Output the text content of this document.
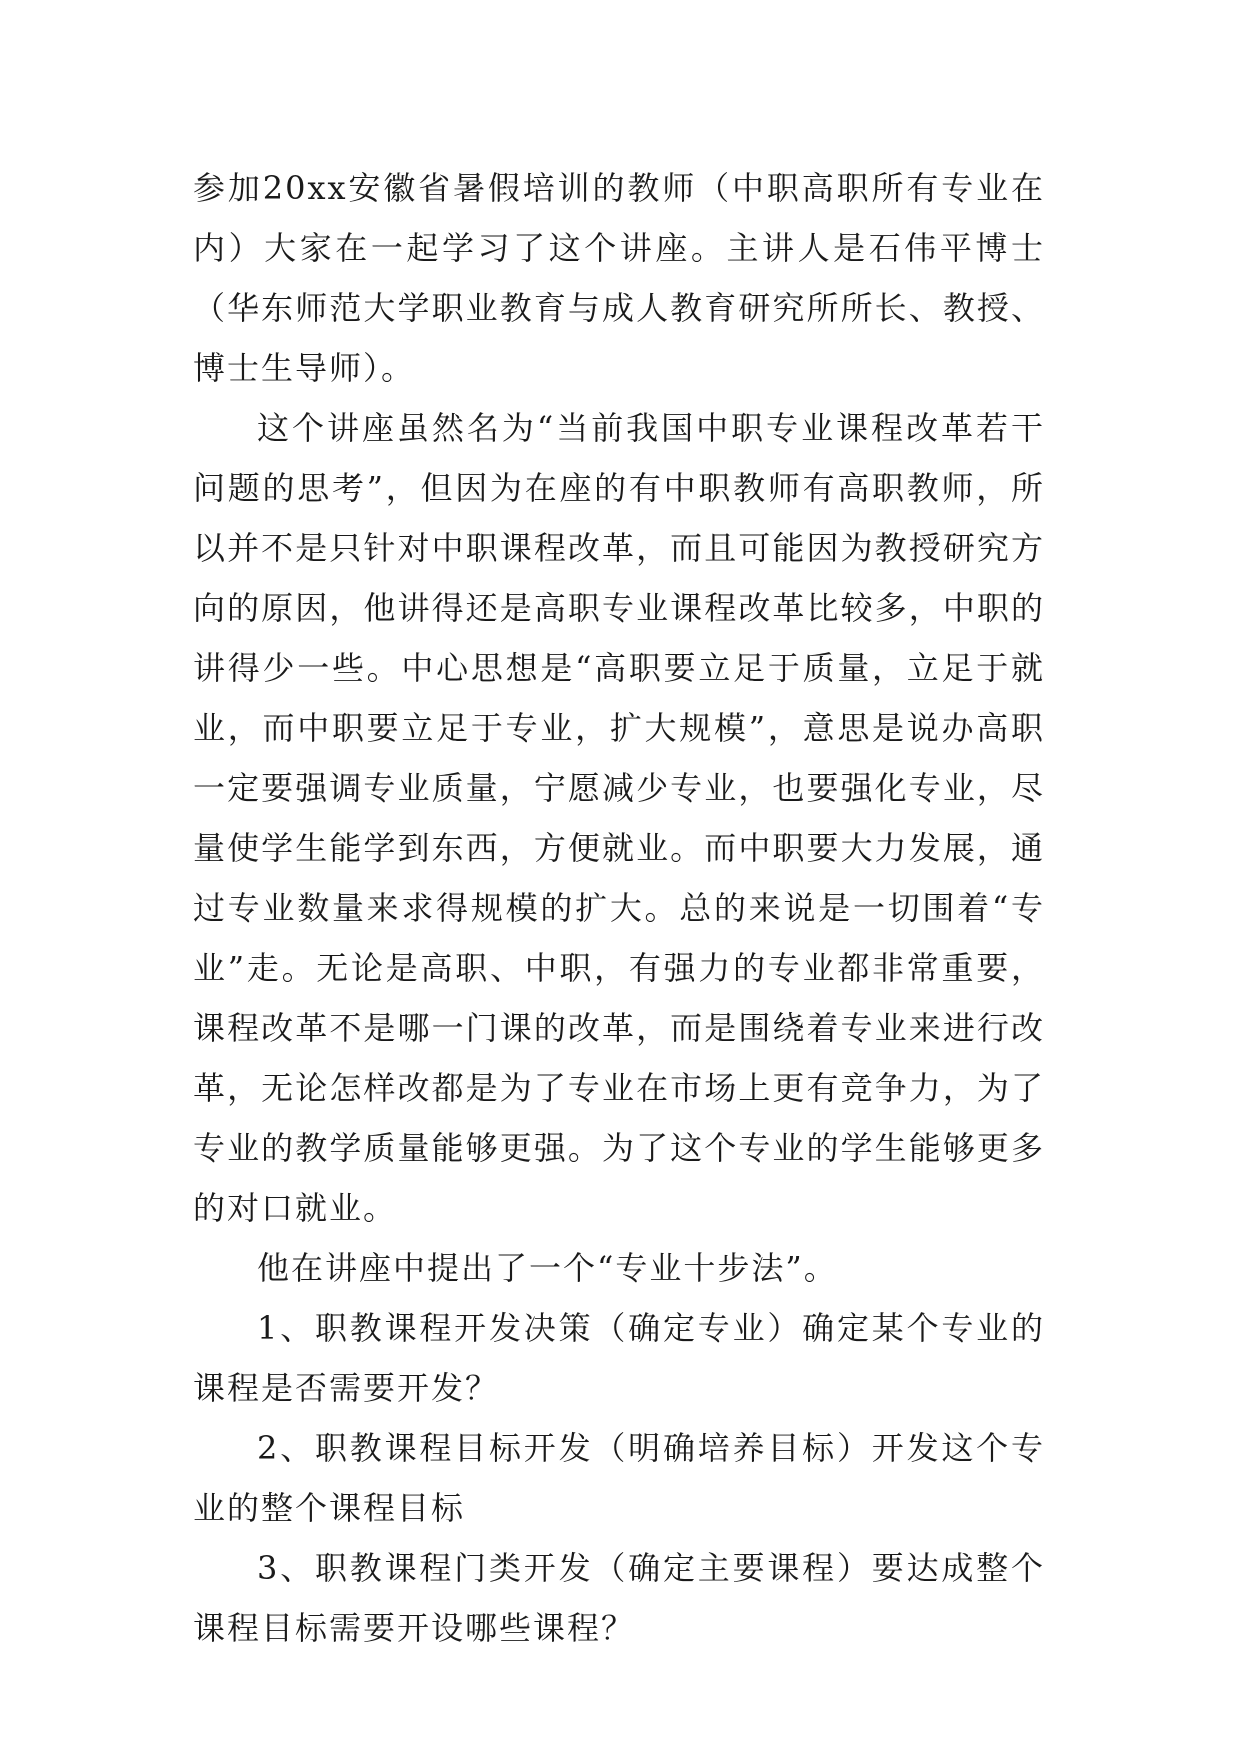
参加20xx安徽省暑假培训的教师（中职高职所有专业在内）大家在一起学习了这个讲座。主讲人是石伟平博士（华东师范大学职业教育与成人教育研究所所长、教授、博士生导师）。

这个讲座虽然名为“当前我国中职专业课程改革若干问题的思考”，但因为在座的有中职教师有高职教师，所以并不是只针对中职课程改革，而且可能因为教授研究方向的原因，他讲得还是高职专业课程改革比较多，中职的讲得少一些。中心思想是“高职要立足于质量，立足于就业，而中职要立足于专业，扩大规模”，意思是说办高职一定要强调专业质量，宁愿减少专业，也要强化专业，尽量使学生能学到东西，方便就业。而中职要大力发展，通过专业数量来求得规模的扩大。总的来说是一切围着“专业”走。无论是高职、中职，有强力的专业都非常重要，课程改革不是哪一门课的改革，而是围绕着专业来进行改革，无论怎样改都是为了专业在市场上更有竞争力，为了专业的教学质量能够更强。为了这个专业的学生能够更多的对口就业。

他在讲座中提出了一个“专业十步法”。

1、职教课程开发决策（确定专业）确定某个专业的课程是否需要开发？

2、职教课程目标开发（明确培养目标）开发这个专业的整个课程目标

3、职教课程门类开发（确定主要课程）要达成整个课程目标需要开设哪些课程？
